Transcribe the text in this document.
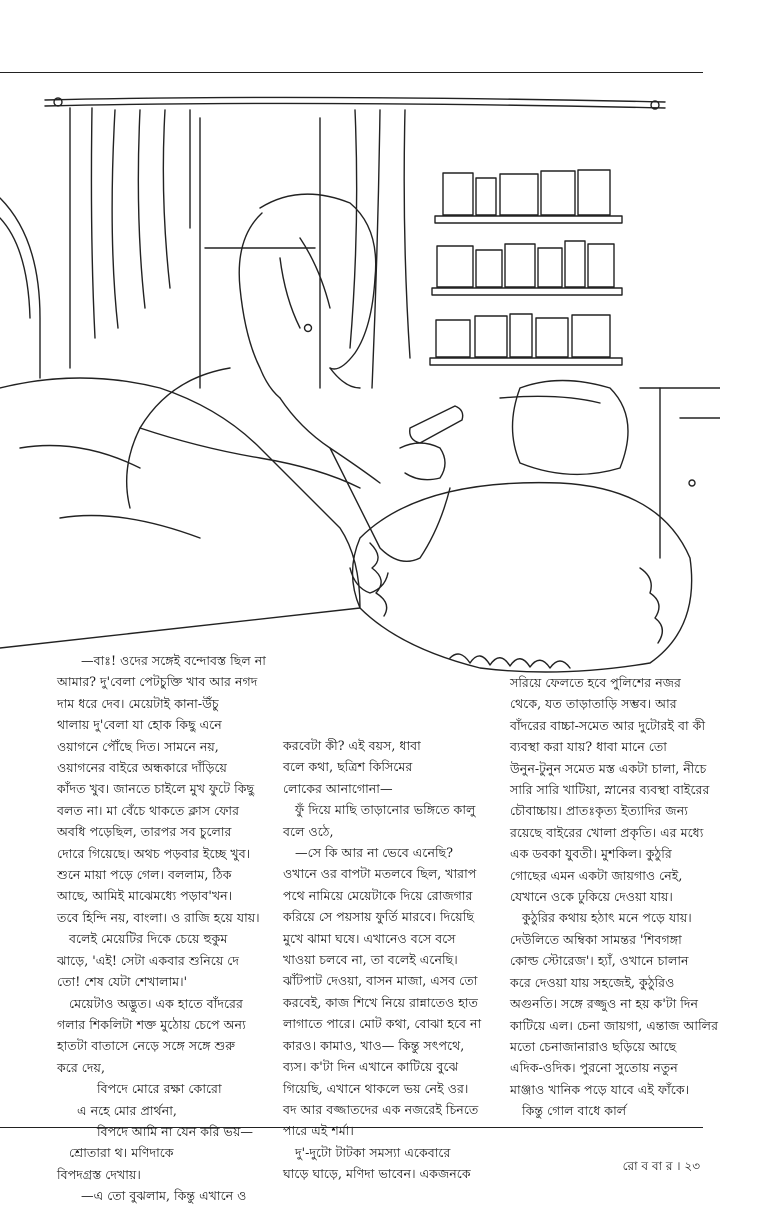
—বাঃ! ওদের সঙ্গেই বন্দোবস্ত ছিল না

আমার? দু'বেলা পেটচুক্তি খাব আর নগদ

দাম ধরে দেব। মেয়েটাই কানা-উঁচু

থালায় দু'বেলা যা হোক কিছু এনে

ওয়াগনে পৌঁছে দিত। সামনে নয়,

ওয়াগনের বাইরে অন্ধকারে দাঁড়িয়ে

কাঁদত খুব। জানতে চাইলে মুখ ফুটে কিছু

বলত না। মা বেঁচে থাকতে ক্লাস ফোর

অবধি পড়েছিল, তারপর সব চুলোর

দোরে গিয়েছে। অথচ পড়বার ইচ্ছে খুব।

শুনে মায়া পড়ে গেল। বললাম, ঠিক

আছে, আমিই মাঝেমধ্যে পড়াব'খন।

তবে হিন্দি নয়, বাংলা। ও রাজি হয়ে যায়।

বলেই মেয়েটির দিকে চেয়ে হুকুম

ঝাড়ে, 'এই! সেটা একবার শুনিয়ে দে

তো! শেষ যেটা শেখালাম।'

মেয়েটাও অদ্ভুত। এক হাতে বাঁদরের

গলার শিকলিটা শক্ত মুঠোয় চেপে অন্য

হাতটা বাতাসে নেড়ে সঙ্গে সঙ্গে শুরু

করে দেয়,

বিপদে মোরে রক্ষা কোরো

এ নহে মোর প্রার্থনা,

বিপদে আমি না যেন করি ভয়—

শ্রোতারা থ। মণিদাকে

বিপদগ্রস্ত দেখায়।

—এ তো বুঝলাম, কিন্তু এখানে ও

করবেটা কী? এই বয়স, ধাবা

বলে কথা, ছত্রিশ কিসিমের

লোকের আনাগোনা—

ফুঁ দিয়ে মাছি তাড়ানোর ভঙ্গিতে কালু

বলে ওঠে,

—সে কি আর না ভেবে এনেছি?

ওখানে ওর বাপটা মতলবে ছিল, খারাপ

পথে নামিয়ে মেয়েটাকে দিয়ে রোজগার

করিয়ে সে পয়সায় ফুর্তি মারবে। দিয়েছি

মুখে ঝামা ঘষে। এখানেও বসে বসে

খাওয়া চলবে না, তা বলেই এনেছি।

ঝাঁটপাট দেওয়া, বাসন মাজা, এসব তো

করবেই, কাজ শিখে নিয়ে রান্নাতেও হাত

লাগাতে পারে। মোট কথা, বোঝা হবে না

কারও। কামাও, খাও— কিন্তু সৎপথে,

ব্যস। ক'টা দিন এখানে কাটিয়ে বুঝে

গিয়েছি, এখানে থাকলে ভয় নেই ওর।

বদ আর বজ্জাতদের এক নজরেই চিনতে

পারে এই শর্মা।

দু'-দুটো টাটকা সমস্যা একেবারে

ঘাড়ে ঘাড়ে, মণিদা ভাবেন। একজনকে

সরিয়ে ফেলতে হবে পুলিশের নজর

থেকে, যত তাড়াতাড়ি সম্ভব। আর

বাঁদরের বাচ্চা-সমেত আর দুটোরই বা কী

ব্যবস্থা করা যায়? ধাবা মানে তো

উনুন-টুনুন সমেত মস্ত একটা চালা, নীচে

সারি সারি খাটিয়া, স্নানের ব্যবস্থা বাইরের

চৌবাচ্চায়। প্রাতঃকৃত্য ইত্যাদির জন্য

রয়েছে বাইরের খোলা প্রকৃতি। এর মধ্যে

এক ডবকা যুবতী। মুশকিল। কুঠুরি

গোছের এমন একটা জায়গাও নেই,

যেখানে ওকে ঢুকিয়ে দেওয়া যায়।

কুঠুরির কথায় হঠাৎ মনে পড়ে যায়।

দেউলিতে অম্বিকা সামন্তর 'শিবগঙ্গা

কোল্ড স্টোরেজ'। হ্যাঁ, ওখানে চালান

করে দেওয়া যায় সহজেই, কুঠুরিও

অগুনতি। সঙ্গে রজ্জুও না হয় ক'টা দিন

কাটিয়ে এল। চেনা জায়গা, এন্তাজ আলির

মতো চেনাজানারাও ছড়িয়ে আছে

এদিক-ওদিক। পুরনো সুতোয় নতুন

মাঞ্জাও খানিক পড়ে যাবে এই ফাঁকে।

কিন্তু গোল বাধে কার্ল

রো ব বা র । ২৩
